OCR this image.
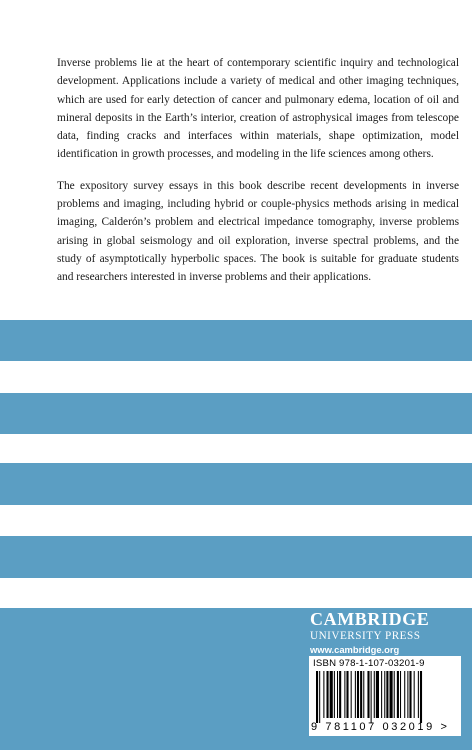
Inverse problems lie at the heart of contemporary scientific inquiry and technological development. Applications include a variety of medical and other imaging techniques, which are used for early detection of cancer and pulmonary edema, location of oil and mineral deposits in the Earth’s interior, creation of astrophysical images from telescope data, finding cracks and interfaces within materials, shape optimization, model identification in growth processes, and modeling in the life sciences among others.

The expository survey essays in this book describe recent developments in inverse problems and imaging, including hybrid or couple-physics methods arising in medical imaging, Calderón’s problem and electrical impedance tomography, inverse problems arising in global seismology and oil exploration, inverse spectral problems, and the study of asymptotically hyperbolic spaces. The book is suitable for graduate students and researchers interested in inverse problems and their applications.

CAMBRIDGE
UNIVERSITY PRESS
www.cambridge.org
ISBN 978-1-107-03201-9
9 781107 032019 >
